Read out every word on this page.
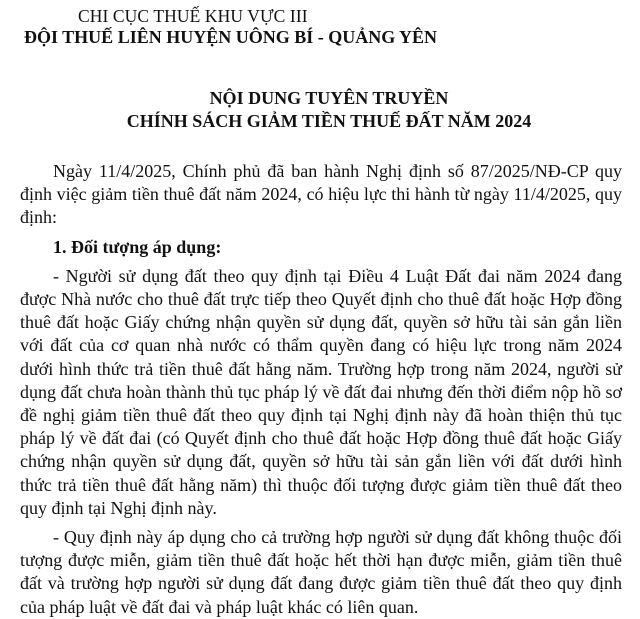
CHI CỤC THUẾ KHU VỰC III
ĐỘI THUẾ LIÊN HUYỆN UÔNG BÍ - QUẢNG YÊN
NỘI DUNG TUYÊN TRUYỀN
CHÍNH SÁCH GIẢM TIỀN THUẾ ĐẤT NĂM 2024

Ngày 11/4/2025, Chính phủ đã ban hành Nghị định số 87/2025/NĐ-CP quy định việc giảm tiền thuê đất năm 2024, có hiệu lực thi hành từ ngày 11/4/2025, quy định:

1. Đối tượng áp dụng:

- Người sử dụng đất theo quy định tại Điều 4 Luật Đất đai năm 2024 đang được Nhà nước cho thuê đất trực tiếp theo Quyết định cho thuê đất hoặc Hợp đồng thuê đất hoặc Giấy chứng nhận quyền sử dụng đất, quyền sở hữu tài sản gắn liền với đất của cơ quan nhà nước có thẩm quyền đang có hiệu lực trong năm 2024 dưới hình thức trả tiền thuê đất hằng năm. Trường hợp trong năm 2024, người sử dụng đất chưa hoàn thành thủ tục pháp lý về đất đai nhưng đến thời điểm nộp hồ sơ đề nghị giảm tiền thuê đất theo quy định tại Nghị định này đã hoàn thiện thủ tục pháp lý về đất đai (có Quyết định cho thuê đất hoặc Hợp đồng thuê đất hoặc Giấy chứng nhận quyền sử dụng đất, quyền sở hữu tài sản gắn liền với đất dưới hình thức trả tiền thuê đất hằng năm) thì thuộc đối tượng được giảm tiền thuê đất theo quy định tại Nghị định này.

- Quy định này áp dụng cho cả trường hợp người sử dụng đất không thuộc đối tượng được miễn, giảm tiền thuê đất hoặc hết thời hạn được miễn, giảm tiền thuê đất và trường hợp người sử dụng đất đang được giảm tiền thuê đất theo quy định của pháp luật về đất đai và pháp luật khác có liên quan.
